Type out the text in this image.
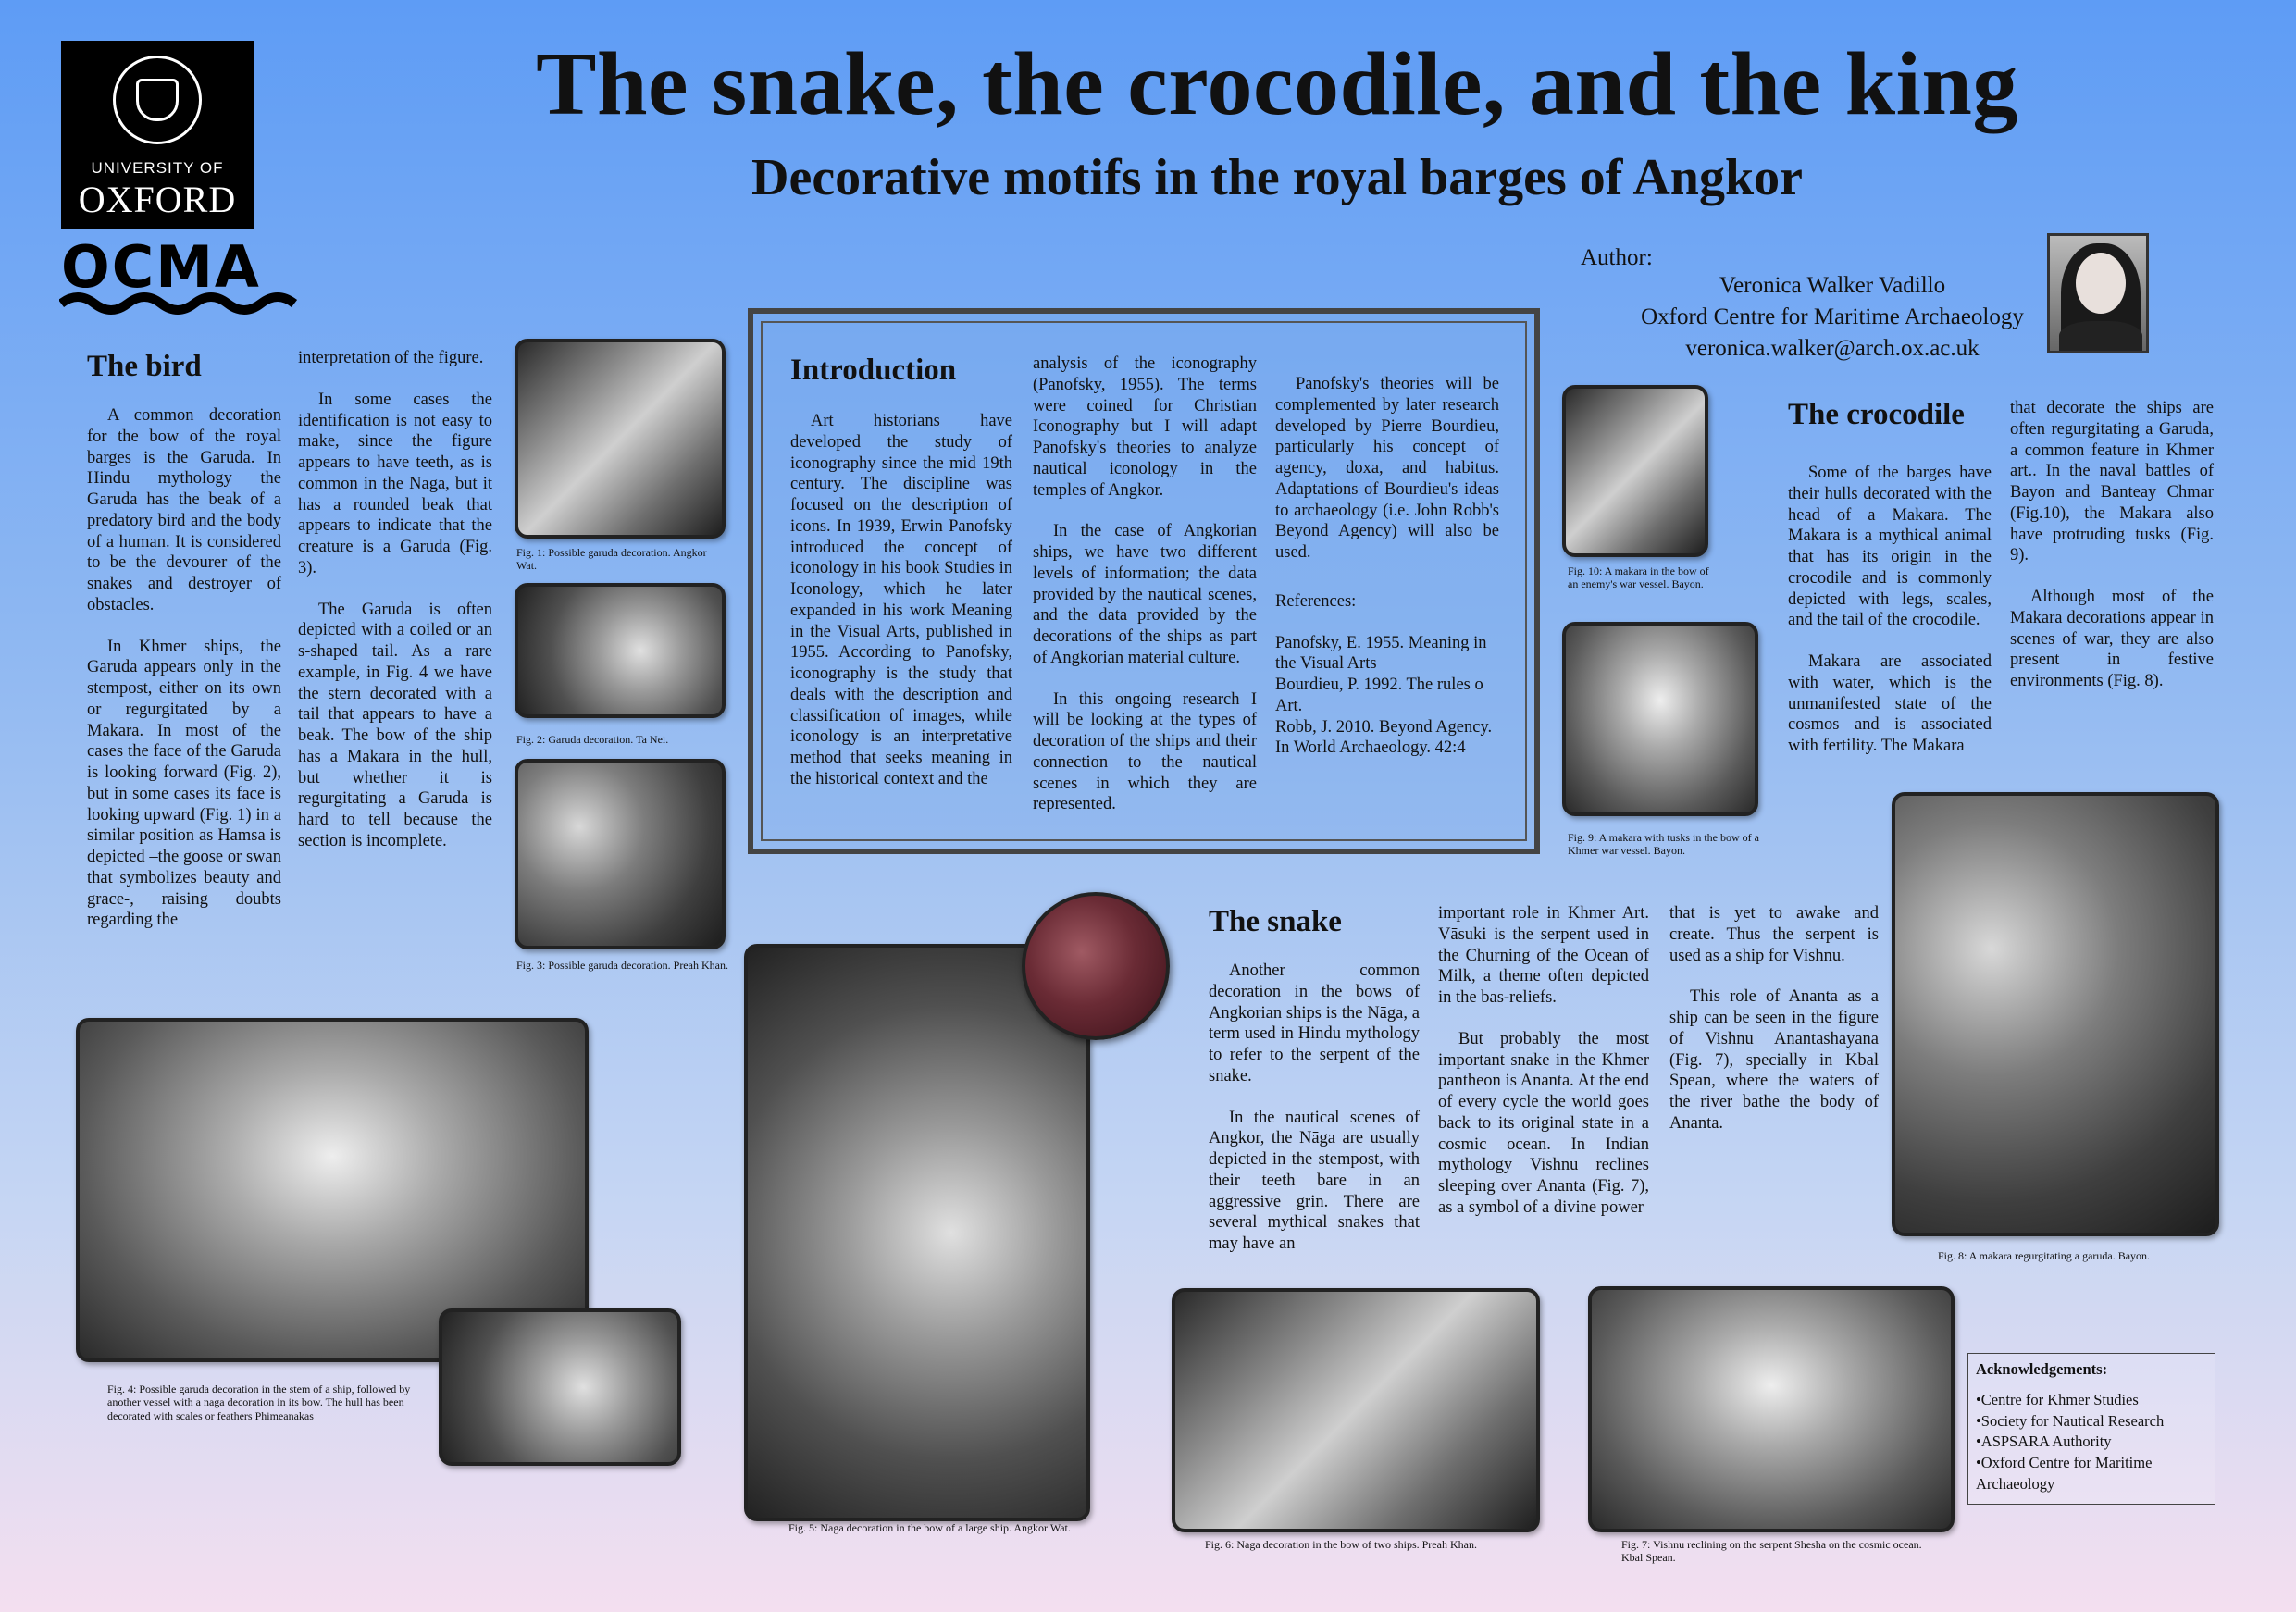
The snake, the crocodile, and the king
Decorative motifs in the royal barges of Angkor
UNIVERSITY OF
OXFORD
OCMA	Author:
Veronica Walker Vadillo
Oxford Centre for Maritime Archaeology
veronica.walker@arch.ox.ac.uk
The bird

A common decoration for the bow of the royal barges is the Garuda. In Hindu mythology the Garuda has the beak of a predatory bird and the body of a human. It is considered to be the devourer of the snakes and destroyer of obstacles.

In Khmer ships, the Garuda appears only in the stempost, either on its own or regurgitated by a Makara. In most of the cases the face of the Garuda is looking forward (Fig. 2), but in some cases its face is looking upward (Fig. 1) in a similar position as Hamsa is depicted –the goose or swan that symbolizes beauty and grace-, raising doubts regarding the

interpretation of the figure.

In some cases the identification is not easy to make, since the figure appears to have teeth, as is common in the Naga, but it has a rounded beak that appears to indicate that the creature is a Garuda (Fig. 3).

The Garuda is often depicted with a coiled or an s-shaped tail. As a rare example, in Fig. 4 we have the stern decorated with a tail that appears to have a beak. The bow of the ship has a Makara in the hull, but whether it is regurgitating a Garuda is hard to tell because the section is incomplete.

Fig. 1: Possible garuda decoration. Angkor Wat.
Fig. 2: Garuda decoration. Ta Nei.
Fig. 3: Possible garuda decoration. Preah Khan.
Fig. 4: Possible garuda decoration in the stem of a ship, followed by another vessel with a naga decoration in its bow. The hull has been decorated with scales or feathers Phimeanakas
Introduction

Art historians have developed the study of iconography since the mid 19th century. The discipline was focused on the description of icons. In 1939, Erwin Panofsky introduced the concept of iconology in his book Studies in Iconology, which he later expanded in his work Meaning in the Visual Arts, published in 1955. According to Panofsky, iconography is the study that deals with the description and classification of images, while iconology is an interpretative method that seeks meaning in the historical context and the

analysis of the iconography (Panofsky, 1955). The terms were coined for Christian Iconography but I will adapt Panofsky's theories to analyze nautical iconology in the temples of Angkor.

In the case of Angkorian ships, we have two different levels of information; the data provided by the nautical scenes, and the data provided by the decorations of the ships as part of Angkorian material culture.

In this ongoing research I will be looking at the types of decoration of the ships and their connection to the nautical scenes in which they are represented.

Panofsky's theories will be complemented by later research developed by Pierre Bourdieu, particularly his concept of agency, doxa, and habitus. Adaptations of Bourdieu's ideas to archaeology (i.e. John Robb's Beyond Agency) will also be used.

References:

Panofsky, E. 1955. Meaning in the Visual Arts

Bourdieu, P. 1992. The rules o Art.

Robb, J. 2010. Beyond Agency. In World Archaeology. 42:4

Fig. 10: A makara in the bow of an enemy's war vessel. Bayon.
Fig. 9: A makara with tusks in the bow of a Khmer war vessel. Bayon.
The crocodile

Some of the barges have their hulls decorated with the head of a Makara. The Makara is a mythical animal that has its origin in the crocodile and is commonly depicted with legs, scales, and the tail of the crocodile.

Makara are associated with water, which is the unmanifested state of the cosmos and is associated with fertility. The Makara

that decorate the ships are often regurgitating a Garuda, a common feature in Khmer art.. In the naval battles of Bayon and Banteay Chmar (Fig.10), the Makara also have protruding tusks (Fig. 9).

Although most of the Makara decorations appear in scenes of war, they are also present in festive environments (Fig. 8).

Fig. 8: A makara regurgitating a garuda. Bayon.
Fig. 5: Naga decoration in the bow of a large ship. Angkor Wat.
The snake

Another common decoration in the bows of Angkorian ships is the Nāga, a term used in Hindu mythology to refer to the serpent of the snake.

In the nautical scenes of Angkor, the Nāga are usually depicted in the stempost, with their teeth bare in an aggressive grin. There are several mythical snakes that may have an

important role in Khmer Art. Vāsuki is the serpent used in the Churning of the Ocean of Milk, a theme often depicted in the bas-reliefs.

But probably the most important snake in the Khmer pantheon is Ananta. At the end of every cycle the world goes back to its original state in a cosmic ocean. In Indian mythology Vishnu reclines sleeping over Ananta (Fig. 7), as a symbol of a divine power

that is yet to awake and create. Thus the serpent is used as a ship for Vishnu.

This role of Ananta as a ship can be seen in the figure of Vishnu Anantashayana (Fig. 7), specially in Kbal Spean, where the waters of the river bathe the body of Ananta.

Fig. 6: Naga decoration in the bow of two ships. Preah Khan.	Fig. 7: Vishnu reclining on the serpent Shesha on the cosmic ocean. Kbal Spean.
Acknowledgements:
•Centre for Khmer Studies
•Society for Nautical Research
•ASPSARA Authority
•Oxford Centre for Maritime Archaeology
